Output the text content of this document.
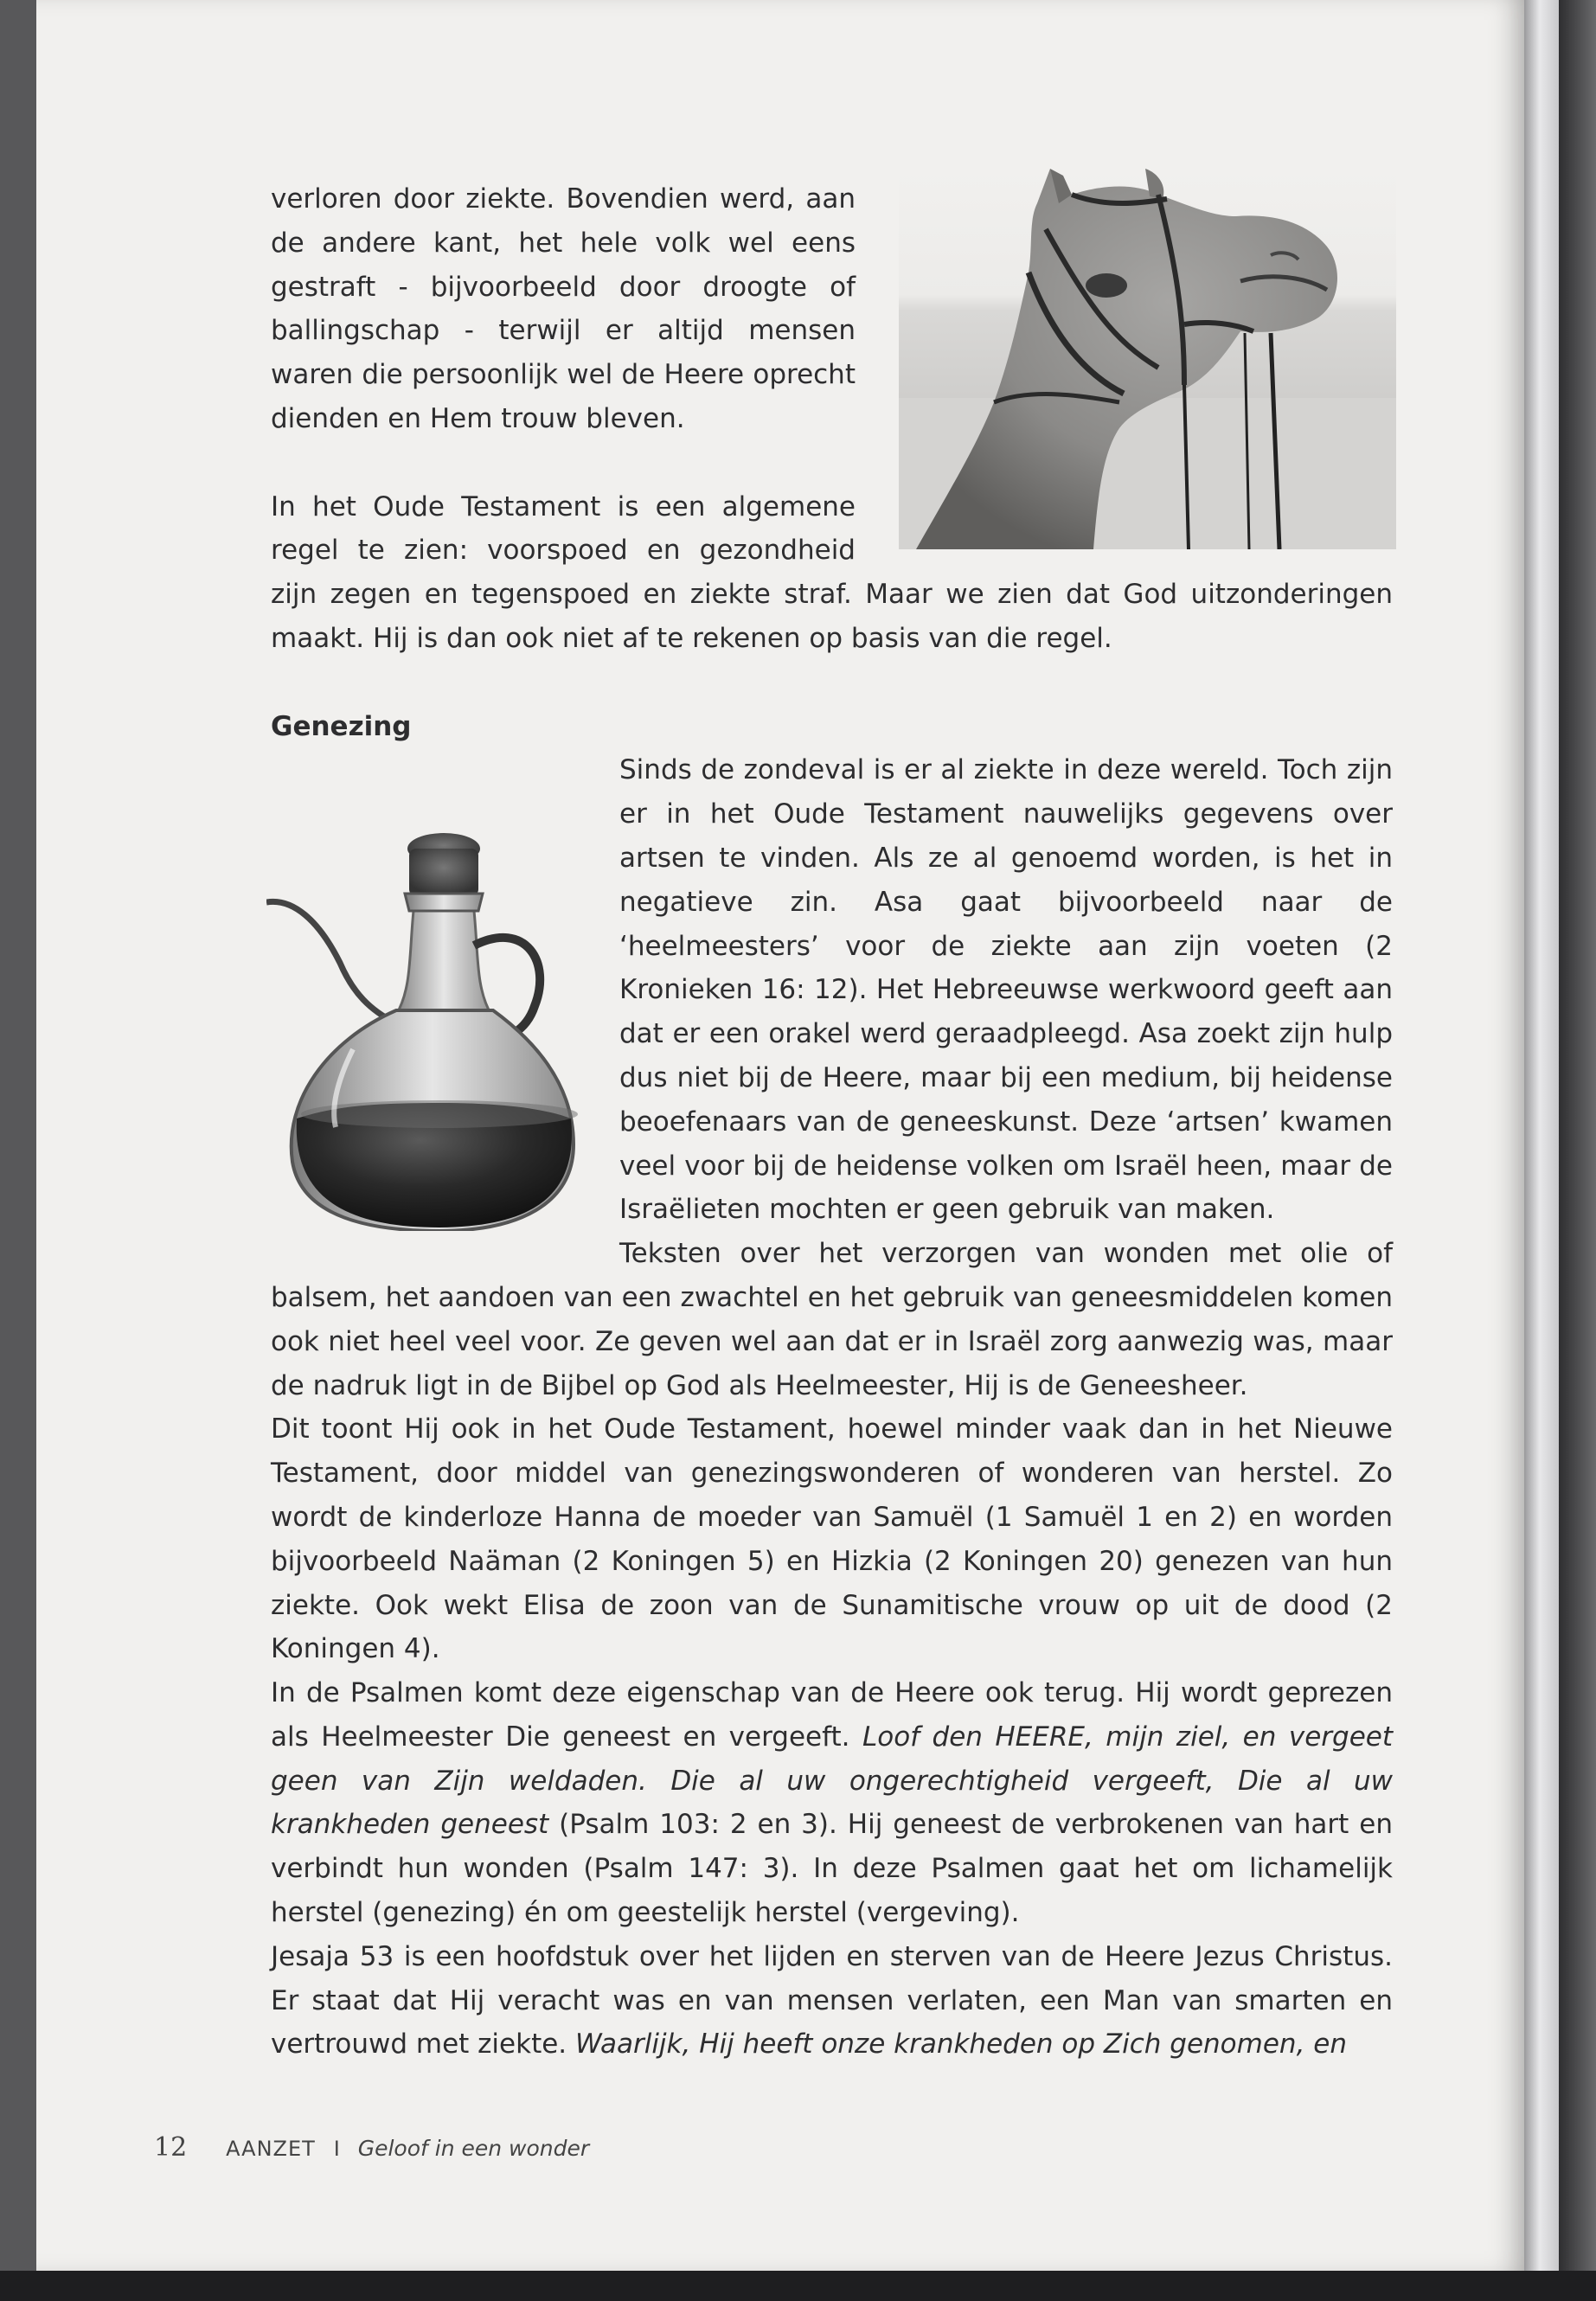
verloren door ziekte. Bovendien werd, aan de andere kant, het hele volk wel eens gestraft - bijvoorbeeld door droogte of ballingschap - terwijl er altijd mensen waren die persoonlijk wel de Heere oprecht dienden en Hem trouw bleven.

In het Oude Testament is een algemene regel te zien: voorspoed en gezondheid zijn zegen en tegenspoed en ziekte straf. Maar we zien dat God uitzonderingen maakt. Hij is dan ook niet af te rekenen op basis van die regel.

Genezing

Sinds de zondeval is er al ziekte in deze wereld. Toch zijn er in het Oude Testament nauwelijks gegevens over artsen te vinden. Als ze al genoemd worden, is het in negatieve zin. Asa gaat bijvoorbeeld naar de ‘heelmeesters’ voor de ziekte aan zijn voeten (2 Kronieken 16: 12). Het Hebreeuwse werkwoord geeft aan dat er een orakel werd geraadpleegd. Asa zoekt zijn hulp dus niet bij de Heere, maar bij een medium, bij heidense beoefenaars van de geneeskunst. Deze ‘artsen’ kwamen veel voor bij de heidense volken om Israël heen, maar de Israëlieten mochten er geen gebruik van maken.

Teksten over het verzorgen van wonden met olie of balsem, het aandoen van een zwachtel en het gebruik van geneesmiddelen komen ook niet heel veel voor. Ze geven wel aan dat er in Israël zorg aanwezig was, maar de nadruk ligt in de Bijbel op God als Heelmeester, Hij is de Geneesheer.

Dit toont Hij ook in het Oude Testament, hoewel minder vaak dan in het Nieuwe Testament, door middel van genezingswonderen of wonderen van herstel. Zo wordt de kinderloze Hanna de moeder van Samuël (1 Samuël 1 en 2) en worden bijvoorbeeld Naäman (2 Koningen 5) en Hizkia (2 Koningen 20) genezen van hun ziekte. Ook wekt Elisa de zoon van de Sunamitische vrouw op uit de dood (2 Koningen 4).

In de Psalmen komt deze eigenschap van de Heere ook terug. Hij wordt geprezen als Heelmeester Die geneest en vergeeft. Loof den HEERE, mijn ziel, en vergeet geen van Zijn weldaden. Die al uw ongerechtigheid vergeeft, Die al uw krankheden geneest (Psalm 103: 2 en 3). Hij geneest de verbrokenen van hart en verbindt hun wonden (Psalm 147: 3). In deze Psalmen gaat het om lichamelijk herstel (genezing) én om geestelijk herstel (vergeving).

Jesaja 53 is een hoofdstuk over het lijden en sterven van de Heere Jezus Christus. Er staat dat Hij veracht was en van mensen verlaten, een Man van smarten en vertrouwd met ziekte. Waarlijk, Hij heeft onze krankheden op Zich genomen, en

12 AANZET I Geloof in een wonder
